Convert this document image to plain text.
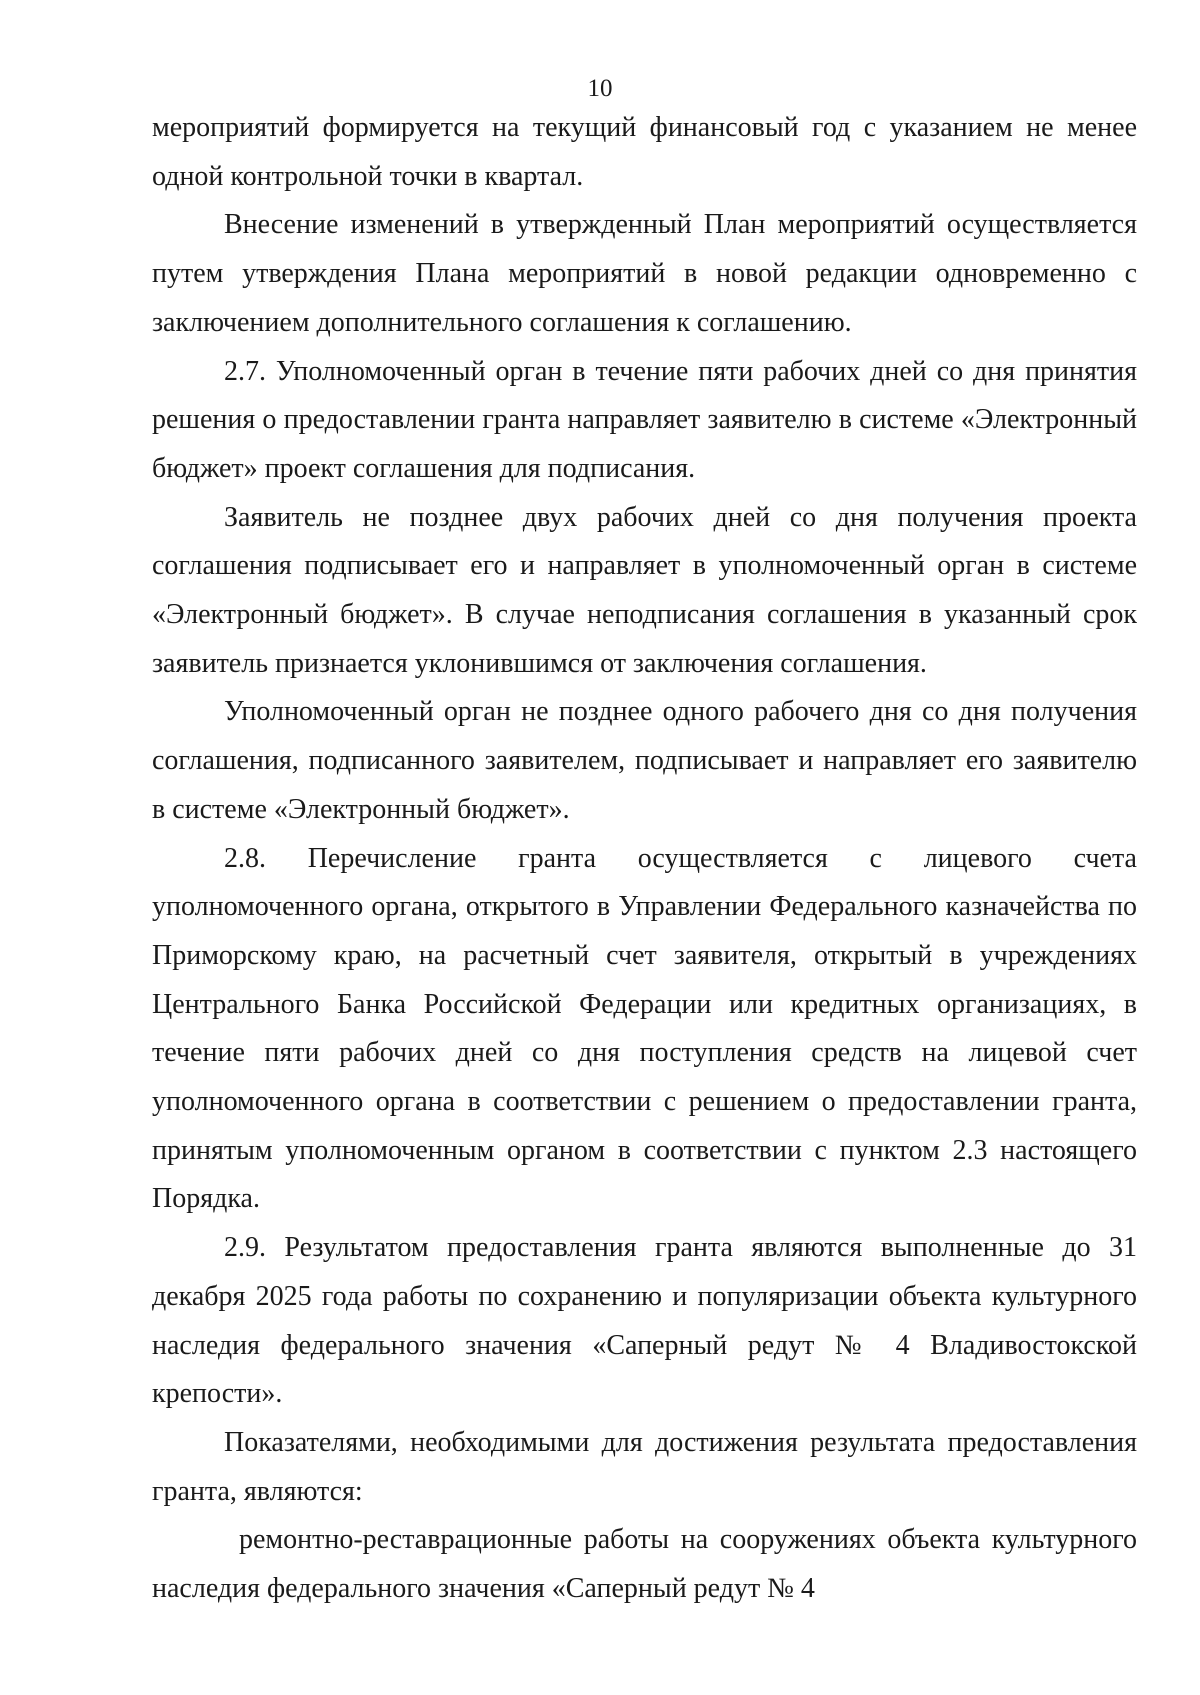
10

мероприятий формируется на текущий финансовый год с указанием не менее одной контрольной точки в квартал.

Внесение изменений в утвержденный План мероприятий осуществляется путем утверждения Плана мероприятий в новой редакции одновременно с заключением дополнительного соглашения к соглашению.

2.7. Уполномоченный орган в течение пяти рабочих дней со дня принятия решения о предоставлении гранта направляет заявителю в системе «Электронный бюджет» проект соглашения для подписания.

Заявитель не позднее двух рабочих дней со дня получения проекта соглашения подписывает его и направляет в уполномоченный орган в системе «Электронный бюджет». В случае неподписания соглашения в указанный срок заявитель признается уклонившимся от заключения соглашения.

Уполномоченный орган не позднее одного рабочего дня со дня получения соглашения, подписанного заявителем, подписывает и направляет его заявителю в системе «Электронный бюджет».

2.8. Перечисление гранта осуществляется с лицевого счета уполномоченного органа, открытого в Управлении Федерального казначейства по Приморскому краю, на расчетный счет заявителя, открытый в учреждениях Центрального Банка Российской Федерации или кредитных организациях, в течение пяти рабочих дней со дня поступления средств на лицевой счет уполномоченного органа в соответствии с решением о предоставлении гранта, принятым уполномоченным органом в соответствии с пунктом 2.3 настоящего Порядка.

2.9. Результатом предоставления гранта являются выполненные до 31 декабря 2025 года работы по сохранению и популяризации объекта культурного наследия федерального значения «Саперный редут № 4 Владивостокской крепости».

Показателями, необходимыми для достижения результата предоставления гранта, являются:

ремонтно-реставрационные работы на сооружениях объекта культурного наследия федерального значения «Саперный редут № 4
